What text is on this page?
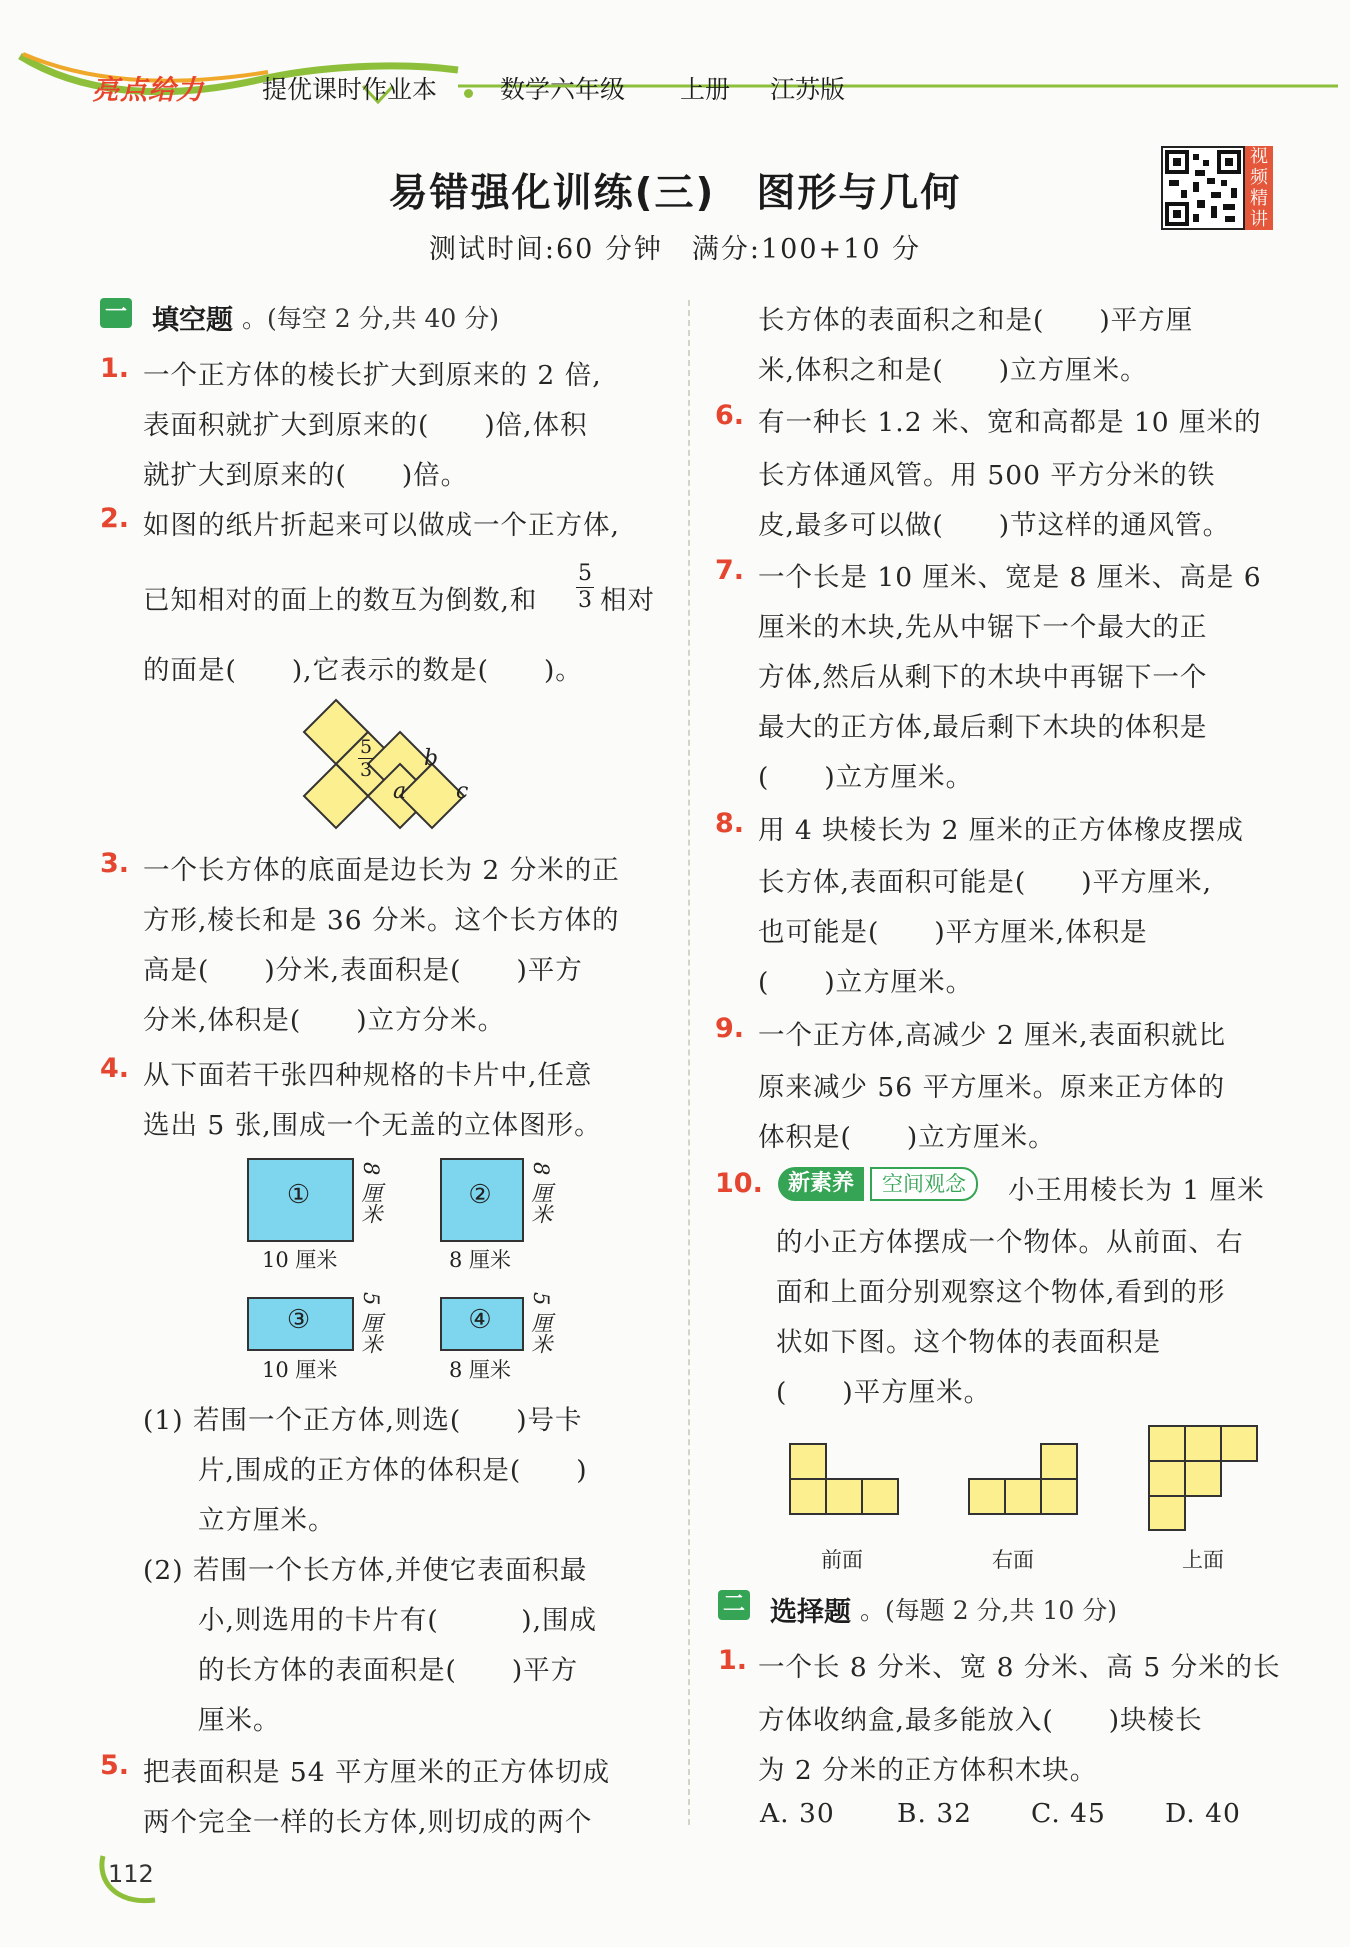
亮点给力 提优课时作业本	数学六年级 上册 江苏版
视频精讲
易错强化训练(三)　图形与几何
测试时间:60 分钟　满分:100+10 分
一 填空题 。(每空 2 分,共 40 分)
1. 一个正方体的棱长扩大到原来的 2 倍,
表面积就扩大到原来的(　　)倍,体积
就扩大到原来的(　　)倍。
2. 如图的纸片折起来可以做成一个正方体,
已知相对的面上的数互为倒数,和
5
3 相对
的面是(　　),它表示的数是(　　)。
5
3
a
b
c
3. 一个长方体的底面是边长为 2 分米的正
方形,棱长和是 36 分米。这个长方体的
高是(　　)分米,表面积是(　　)平方
分米,体积是(　　)立方分米。
4. 从下面若干张四种规格的卡片中,任意
选出 5 张,围成一个无盖的立体图形。
①
10 厘米
8 厘米	②
8 厘米
8 厘米
③
10 厘米
5 厘米	④
8 厘米
5 厘米
(1) 若围一个正方体,则选(　　)号卡
片,围成的正方体的体积是(　　)
立方厘米。
(2) 若围一个长方体,并使它表面积最
小,则选用的卡片有(　　　),围成
的长方体的表面积是(　　)平方
厘米。
5. 把表面积是 54 平方厘米的正方体切成
两个完全一样的长方体,则切成的两个
长方体的表面积之和是(　　)平方厘
米,体积之和是(　　)立方厘米。
6. 有一种长 1.2 米、宽和高都是 10 厘米的
长方体通风管。用 500 平方分米的铁
皮,最多可以做(　　)节这样的通风管。
7. 一个长是 10 厘米、宽是 8 厘米、高是 6
厘米的木块,先从中锯下一个最大的正
方体,然后从剩下的木块中再锯下一个
最大的正方体,最后剩下木块的体积是
(　　)立方厘米。
8. 用 4 块棱长为 2 厘米的正方体橡皮摆成
长方体,表面积可能是(　　)平方厘米,
也可能是(　　)平方厘米,体积是
(　　)立方厘米。
9. 一个正方体,高减少 2 厘米,表面积就比
原来减少 56 平方厘米。原来正方体的
体积是(　　)立方厘米。
10.	新素养	空间观念	小王用棱长为 1 厘米
的小正方体摆成一个物体。从前面、右
面和上面分别观察这个物体,看到的形
状如下图。这个物体的表面积是
(　　)平方厘米。
前面	右面	上面
二 选择题 。(每题 2 分,共 10 分)
1. 一个长 8 分米、宽 8 分米、高 5 分米的长
方体收纳盒,最多能放入(　　)块棱长
为 2 分米的正方体积木块。
A. 30 B. 32 C. 45 D. 40
112
